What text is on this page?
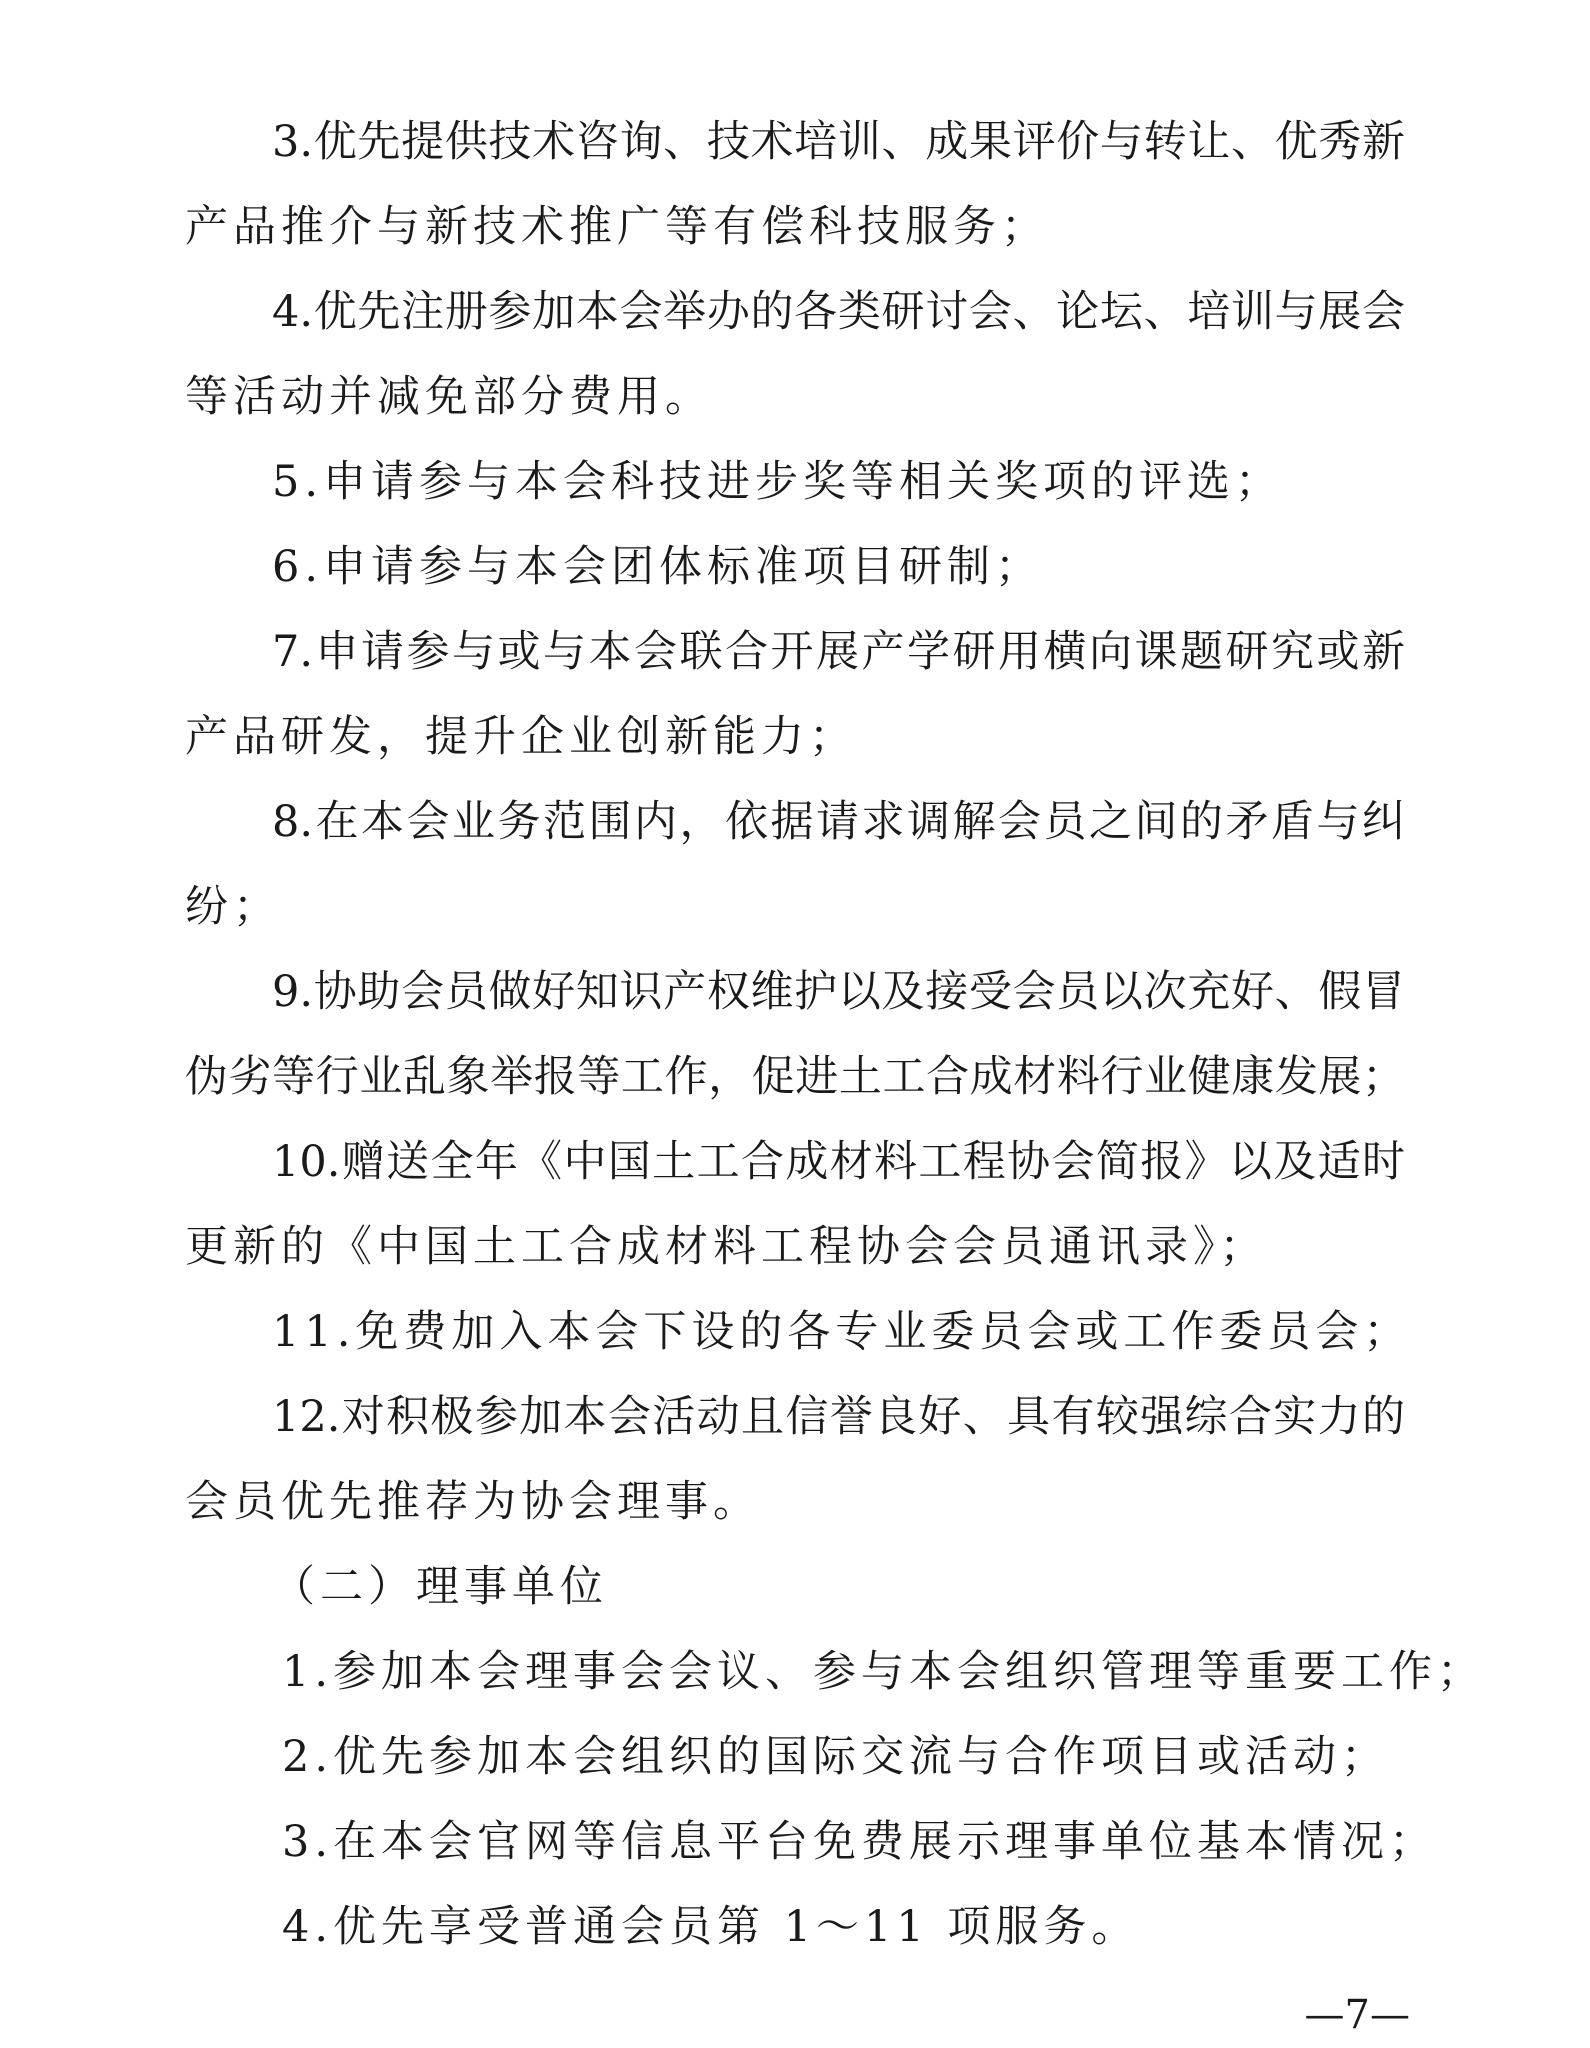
3.优先提供技术咨询、技术培训、成果评价与转让、优秀新
产品推介与新技术推广等有偿科技服务；
4.优先注册参加本会举办的各类研讨会、论坛、培训与展会
等活动并减免部分费用。
5.申请参与本会科技进步奖等相关奖项的评选；
6.申请参与本会团体标准项目研制；
7.申请参与或与本会联合开展产学研用横向课题研究或新
产品研发，提升企业创新能力；
8.在本会业务范围内，依据请求调解会员之间的矛盾与纠
纷；
9.协助会员做好知识产权维护以及接受会员以次充好、假冒
伪劣等行业乱象举报等工作，促进土工合成材料行业健康发展；
10.赠送全年《中国土工合成材料工程协会简报》以及适时
更新的《中国土工合成材料工程协会会员通讯录》；
11.免费加入本会下设的各专业委员会或工作委员会；
12.对积极参加本会活动且信誉良好、具有较强综合实力的
会员优先推荐为协会理事。
（二）理事单位
1.参加本会理事会会议、参与本会组织管理等重要工作；
2.优先参加本会组织的国际交流与合作项目或活动；
3.在本会官网等信息平台免费展示理事单位基本情况；
4.优先享受普通会员第 1～11 项服务。
—7—
